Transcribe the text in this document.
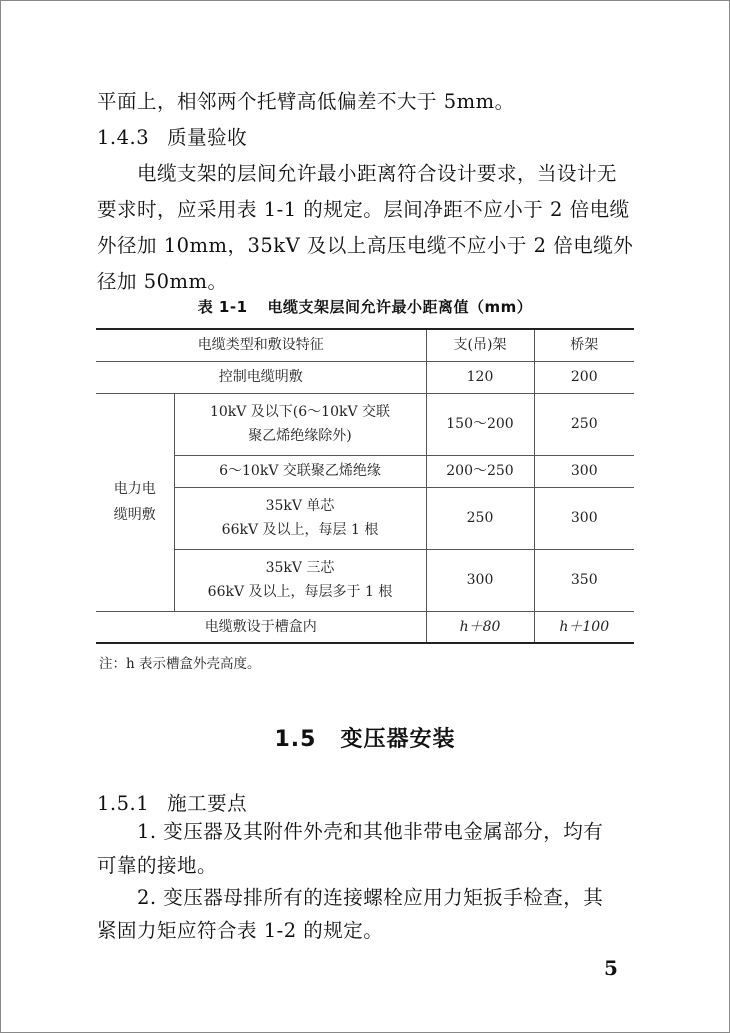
平面上，相邻两个托臂高低偏差不大于 5mm。
1.4.3 质量验收
电缆支架的层间允许最小距离符合设计要求，当设计无
要求时，应采用表 1-1 的规定。层间净距不应小于 2 倍电缆
外径加 10mm，35kV 及以上高压电缆不应小于 2 倍电缆外
径加 50mm。
表 1-1 电缆支架层间允许最小距离值（mm）
电缆类型和敷设特征		支(吊)架	桥架
控制电缆明敷		120	200

电力电缆明敷	10kV 及以下(6～10kV 交联
聚乙烯绝缘除外)	150～200	250
	6～10kV 交联聚乙烯绝缘	200～250	300

	35kV 单芯
66kV 及以上，每层 1 根	250	300

	35kV 三芯
66kV 及以上，每层多于 1 根	300	350
电缆敷设于槽盒内		h＋80	h＋100
注：h 表示槽盒外壳高度。
1.5 变压器安装
1.5.1 施工要点
1. 变压器及其附件外壳和其他非带电金属部分，均有
可靠的接地。
2. 变压器母排所有的连接螺栓应用力矩扳手检查，其
紧固力矩应符合表 1-2 的规定。
5
